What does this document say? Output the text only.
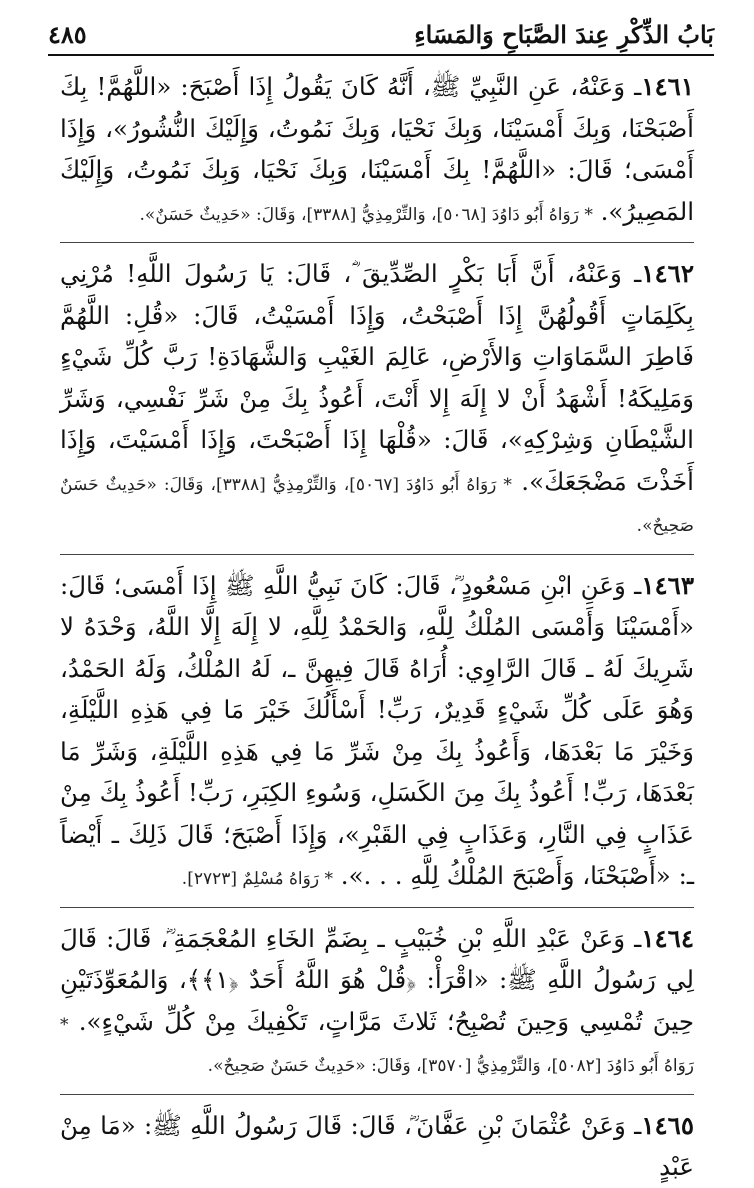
بَابُ الذِّكْرِ عِندَ الصَّبَاحِ وَالمَسَاءِ
٤٨٥
١٤٦١ـ وَعَنْهُ، عَنِ النَّبِيِّ ﷺ، أَنَّهُ كَانَ يَقُولُ إِذَا أَصْبَحَ: «اللَّهُمَّ! بِكَ أَصْبَحْنَا، وَبِكَ أَمْسَيْنَا، وَبِكَ نَحْيَا، وَبِكَ نَمُوتُ، وَإِلَيْكَ النُّشُورُ»، وَإِذَا أَمْسَى؛ قَالَ: «اللَّهُمَّ! بِكَ أَمْسَيْنَا، وَبِكَ نَحْيَا، وَبِكَ نَمُوتُ، وَإِلَيْكَ المَصِيرُ». * رَوَاهُ أَبُو دَاوُدَ [٥٠٦٨]، وَالتِّرْمِذِيُّ [٣٣٨٨]، وَقَالَ: «حَدِيثٌ حَسَنٌ».
١٤٦٢ـ وَعَنْهُ، أَنَّ أَبَا بَكْرٍ الصِّدِّيقَ ؓ، قَالَ: يَا رَسُولَ اللَّهِ! مُرْنِي بِكَلِمَاتٍ أَقُولُهُنَّ إِذَا أَصْبَحْتُ، وَإِذَا أَمْسَيْتُ، قَالَ: «قُلِ: اللَّهُمَّ فَاطِرَ السَّمَاوَاتِ وَالأَرْضِ، عَالِمَ الغَيْبِ وَالشَّهَادَةِ! رَبَّ كُلِّ شَيْءٍ وَمَلِيكَهُ! أَشْهَدُ أَنْ لا إِلَهَ إِلا أَنْتَ، أَعُوذُ بِكَ مِنْ شَرِّ نَفْسِي، وَشَرِّ الشَّيْطَانِ وَشِرْكِهِ»، قَالَ: «قُلْهَا إِذَا أَصْبَحْتَ، وَإِذَا أَمْسَيْتَ، وَإِذَا أَخَذْتَ مَضْجَعَكَ». * رَوَاهُ أَبُو دَاوُدَ [٥٠٦٧]، وَالتِّرْمِذِيُّ [٣٣٨٨]، وَقَالَ: «حَدِيثٌ حَسَنٌ صَحِيحٌ».
١٤٦٣ـ وَعَنِ ابْنِ مَسْعُودٍ ؓ، قَالَ: كَانَ نَبِيُّ اللَّهِ ﷺ إِذَا أَمْسَى؛ قَالَ: «أَمْسَيْنَا وَأَمْسَى المُلْكُ لِلَّهِ، وَالحَمْدُ لِلَّهِ، لا إِلَهَ إِلَّا اللَّهُ، وَحْدَهُ لا شَرِيكَ لَهُ ـ قَالَ الرَّاوِي: أُرَاهُ قَالَ فِيهِنَّ ـ، لَهُ المُلْكُ، وَلَهُ الحَمْدُ، وَهُوَ عَلَى كُلِّ شَيْءٍ قَدِيرٌ، رَبِّ! أَسْأَلُكَ خَيْرَ مَا فِي هَذِهِ اللَّيْلَةِ، وَخَيْرَ مَا بَعْدَهَا، وَأَعُوذُ بِكَ مِنْ شَرِّ مَا فِي هَذِهِ اللَّيْلَةِ، وَشَرِّ مَا بَعْدَهَا، رَبِّ! أَعُوذُ بِكَ مِنَ الكَسَلِ، وَسُوءِ الكِبَرِ، رَبِّ! أَعُوذُ بِكَ مِنْ عَذَابٍ فِي النَّارِ، وَعَذَابٍ فِي القَبْرِ»، وَإِذَا أَصْبَحَ؛ قَالَ ذَلِكَ ـ أَيْضاً ـ: «أَصْبَحْنَا، وَأَصْبَحَ المُلْكُ لِلَّهِ . . .». * رَوَاهُ مُسْلِمٌ [٢٧٢٣].
١٤٦٤ـ وَعَنْ عَبْدِ اللَّهِ بْنِ خُبَيْبٍ ـ بِضَمِّ الخَاءِ المُعْجَمَةِ ؓ، قَالَ: قَالَ لِي رَسُولُ اللَّهِ ﷺ: «اقْرَأْ: ﴿قُلْ هُوَ اللَّهُ أَحَدٌ ﴿١﴾﴾، وَالمُعَوِّذَتَيْنِ حِينَ تُمْسِي وَحِينَ تُصْبِحُ؛ ثَلاثَ مَرَّاتٍ، تَكْفِيكَ مِنْ كُلِّ شَيْءٍ». * رَوَاهُ أَبُو دَاوُدَ [٥٠٨٢]، وَالتِّرْمِذِيُّ [٣٥٧٠]، وَقَالَ: «حَدِيثٌ حَسَنٌ صَحِيحٌ».
١٤٦٥ـ وَعَنْ عُثْمَانَ بْنِ عَفَّانَ ؓ، قَالَ: قَالَ رَسُولُ اللَّهِ ﷺ: «مَا مِنْ عَبْدٍ
